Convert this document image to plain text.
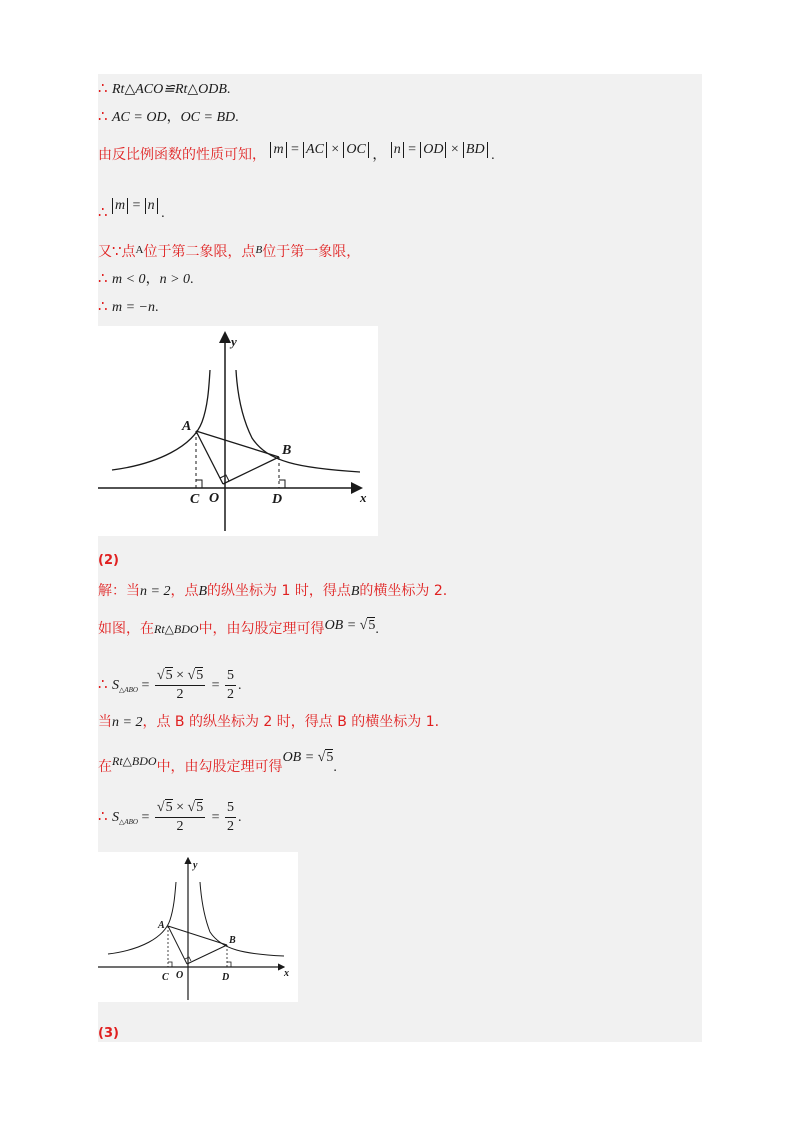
∴ Rt△ACO≌Rt△ODB.
∴ AC = OD，OC = BD.
由反比例函数的性质可知， m = AC × OC ， n = OD × BD .
∴ m = n .
又∵点$^A$位于第二象限，点$^B$位于第一象限，
∴ m < 0，n > 0.
∴ m = −n.
y
x
A
B
C	D
O
(2)
解：当n = 2，点B的纵坐标为 1 时，得点B的横坐标为 2.
如图，在Rt△BDO中，由勾股定理可得OB = √5.
∴ $S_{\triangle ABO} = \frac{√5 \times √5}{2} = \frac{5}{2}$ .
当n = 2，点 B 的纵坐标为 2 时，得点 B 的横坐标为 1.
在Rt△BDO中，由勾股定理可得OB = √5.
∴ $S_{\triangle ABO} = \frac{√5 \times √5}{2} = \frac{5}{2}$ .
y
x
A
B
C	D
O
(3)
